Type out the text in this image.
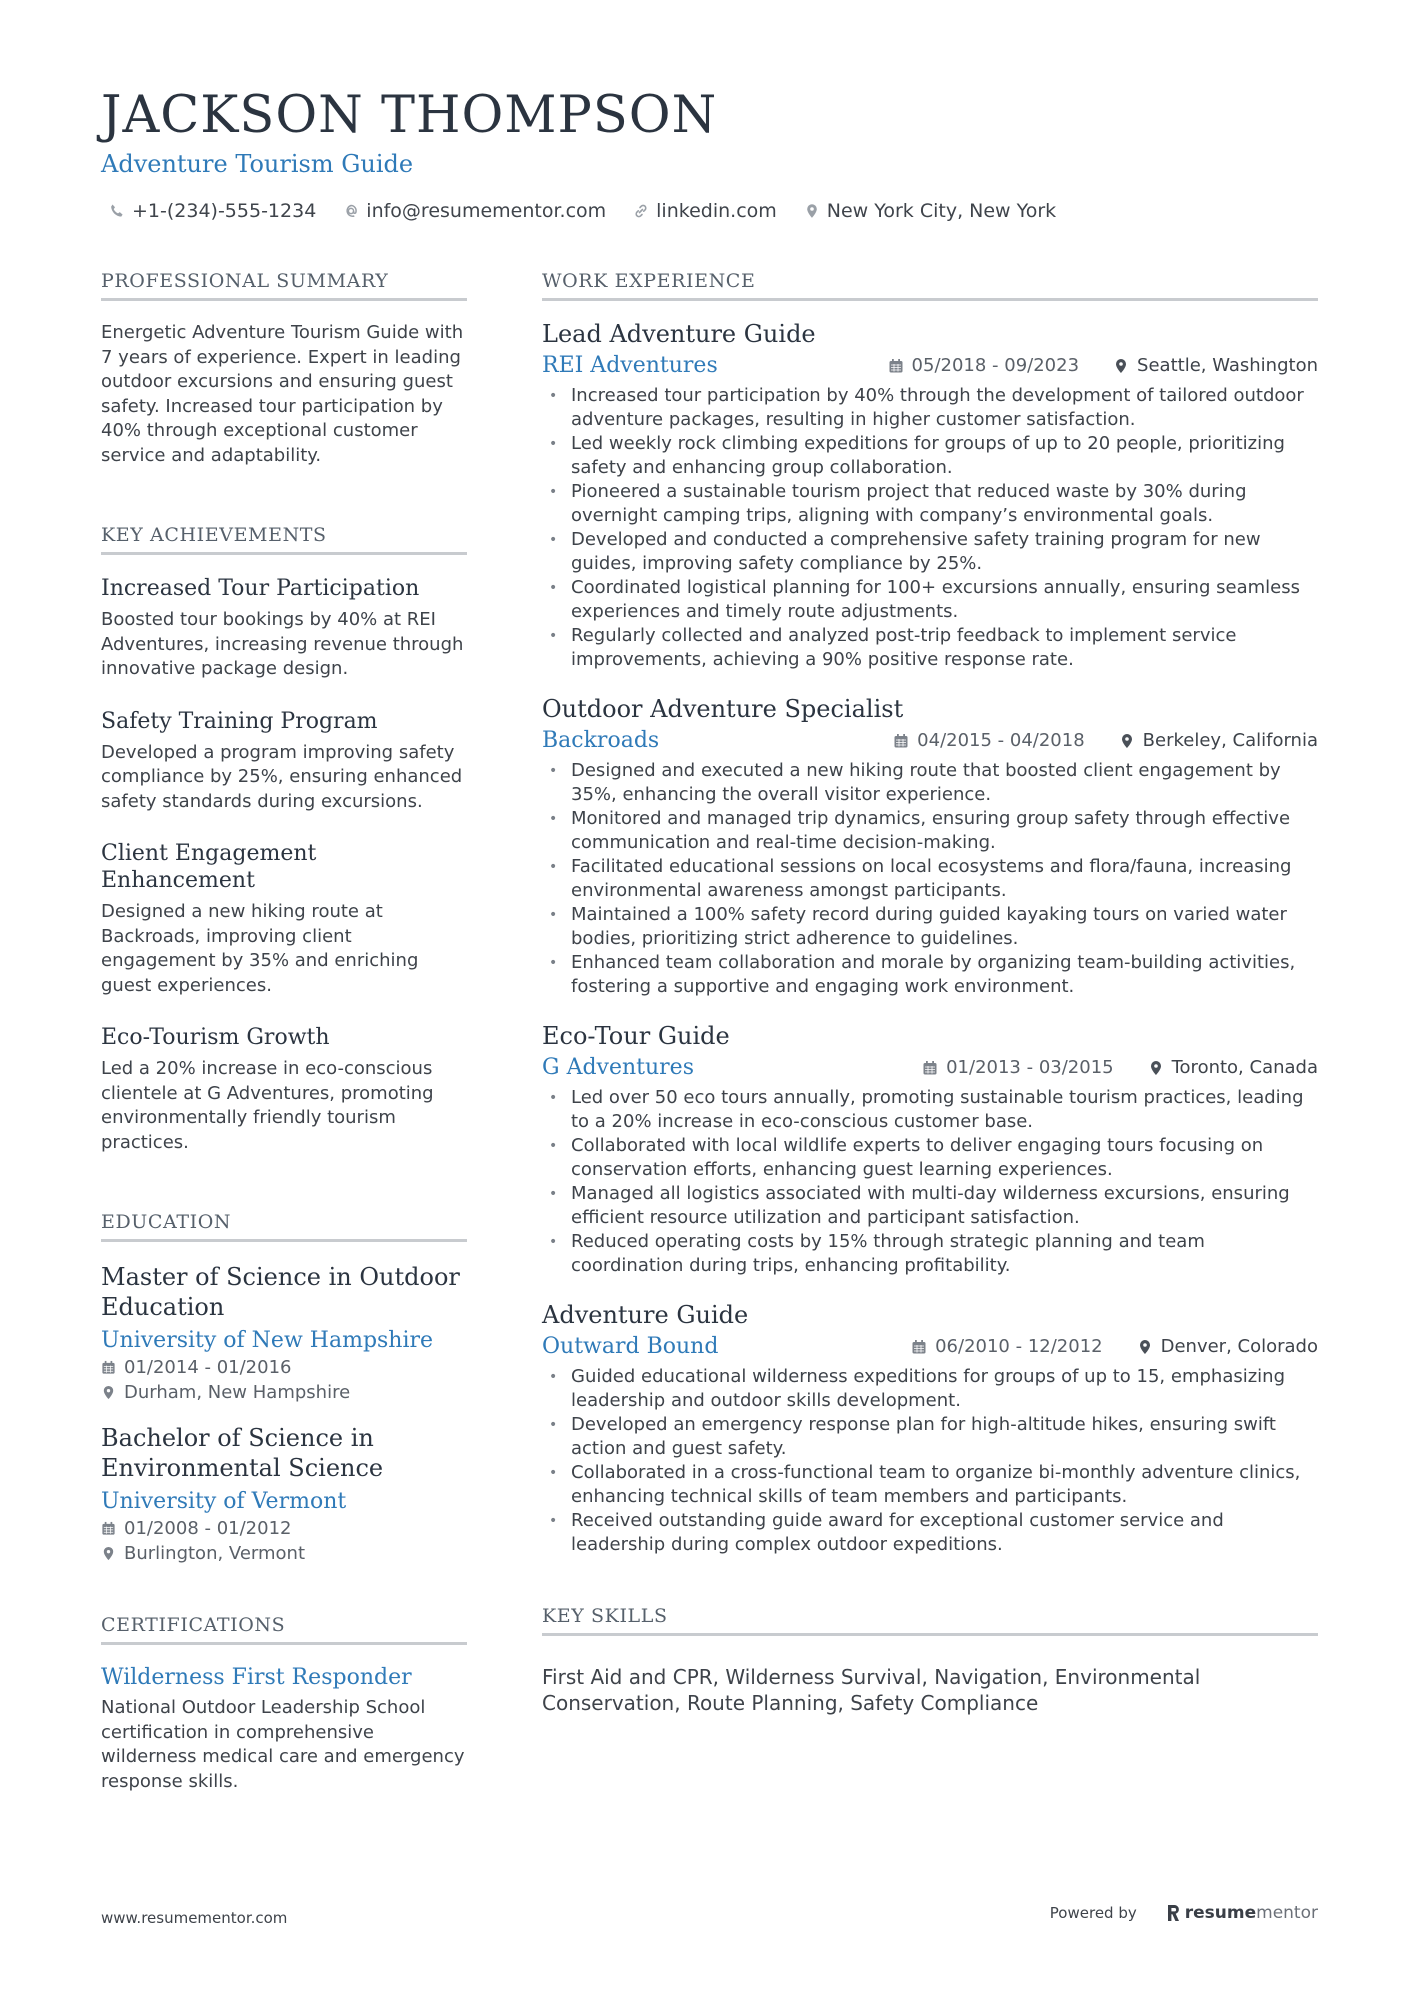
JACKSON THOMPSON
Adventure Tourism Guide
+1-(234)-555-1234	info@resumementor.com	linkedin.com	New York City, New York
PROFESSIONAL SUMMARY

Energetic Adventure Tourism Guide with 7 years of experience. Expert in leading outdoor excursions and ensuring guest safety. Increased tour participation by 40% through exceptional customer service and adaptability.

KEY ACHIEVEMENTS
Increased Tour Participation

Boosted tour bookings by 40% at REI Adventures, increasing revenue through innovative package design.

Safety Training Program

Developed a program improving safety compliance by 25%, ensuring enhanced safety standards during excursions.

Client Engagement Enhancement

Designed a new hiking route at Backroads, improving client engagement by 35% and enriching guest experiences.

Eco-Tourism Growth

Led a 20% increase in eco-conscious clientele at G Adventures, promoting environmentally friendly tourism practices.

EDUCATION
Master of Science in Outdoor Education
University of New Hampshire
01/2014 - 01/2016
Durham, New Hampshire
Bachelor of Science in Environmental Science
University of Vermont
01/2008 - 01/2012
Burlington, Vermont
CERTIFICATIONS
Wilderness First Responder

National Outdoor Leadership School certification in comprehensive wilderness medical care and emergency response skills.

WORK EXPERIENCE
Lead Adventure Guide
REI Adventures	05/2018 - 09/2023	Seattle, Washington
• Increased tour participation by 40% through the development of tailored outdoor adventure packages, resulting in higher customer satisfaction.
• Led weekly rock climbing expeditions for groups of up to 20 people, prioritizing safety and enhancing group collaboration.
• Pioneered a sustainable tourism project that reduced waste by 30% during overnight camping trips, aligning with company’s environmental goals.
• Developed and conducted a comprehensive safety training program for new guides, improving safety compliance by 25%.
• Coordinated logistical planning for 100+ excursions annually, ensuring seamless experiences and timely route adjustments.
• Regularly collected and analyzed post-trip feedback to implement service improvements, achieving a 90% positive response rate.
Outdoor Adventure Specialist
Backroads	04/2015 - 04/2018	Berkeley, California
• Designed and executed a new hiking route that boosted client engagement by 35%, enhancing the overall visitor experience.
• Monitored and managed trip dynamics, ensuring group safety through effective communication and real-time decision-making.
• Facilitated educational sessions on local ecosystems and flora/fauna, increasing environmental awareness amongst participants.
• Maintained a 100% safety record during guided kayaking tours on varied water bodies, prioritizing strict adherence to guidelines.
• Enhanced team collaboration and morale by organizing team-building activities, fostering a supportive and engaging work environment.
Eco-Tour Guide
G Adventures	01/2013 - 03/2015	Toronto, Canada
• Led over 50 eco tours annually, promoting sustainable tourism practices, leading to a 20% increase in eco-conscious customer base.
• Collaborated with local wildlife experts to deliver engaging tours focusing on conservation efforts, enhancing guest learning experiences.
• Managed all logistics associated with multi-day wilderness excursions, ensuring efficient resource utilization and participant satisfaction.
• Reduced operating costs by 15% through strategic planning and team coordination during trips, enhancing profitability.
Adventure Guide
Outward Bound	06/2010 - 12/2012	Denver, Colorado
• Guided educational wilderness expeditions for groups of up to 15, emphasizing leadership and outdoor skills development.
• Developed an emergency response plan for high-altitude hikes, ensuring swift action and guest safety.
• Collaborated in a cross-functional team to organize bi-monthly adventure clinics, enhancing technical skills of team members and participants.
• Received outstanding guide award for exceptional customer service and leadership during complex outdoor expeditions.
KEY SKILLS

First Aid and CPR, Wilderness Survival, Navigation, Environmental Conservation, Route Planning, Safety Compliance

www.resumementor.com	Powered by	resume mentor
